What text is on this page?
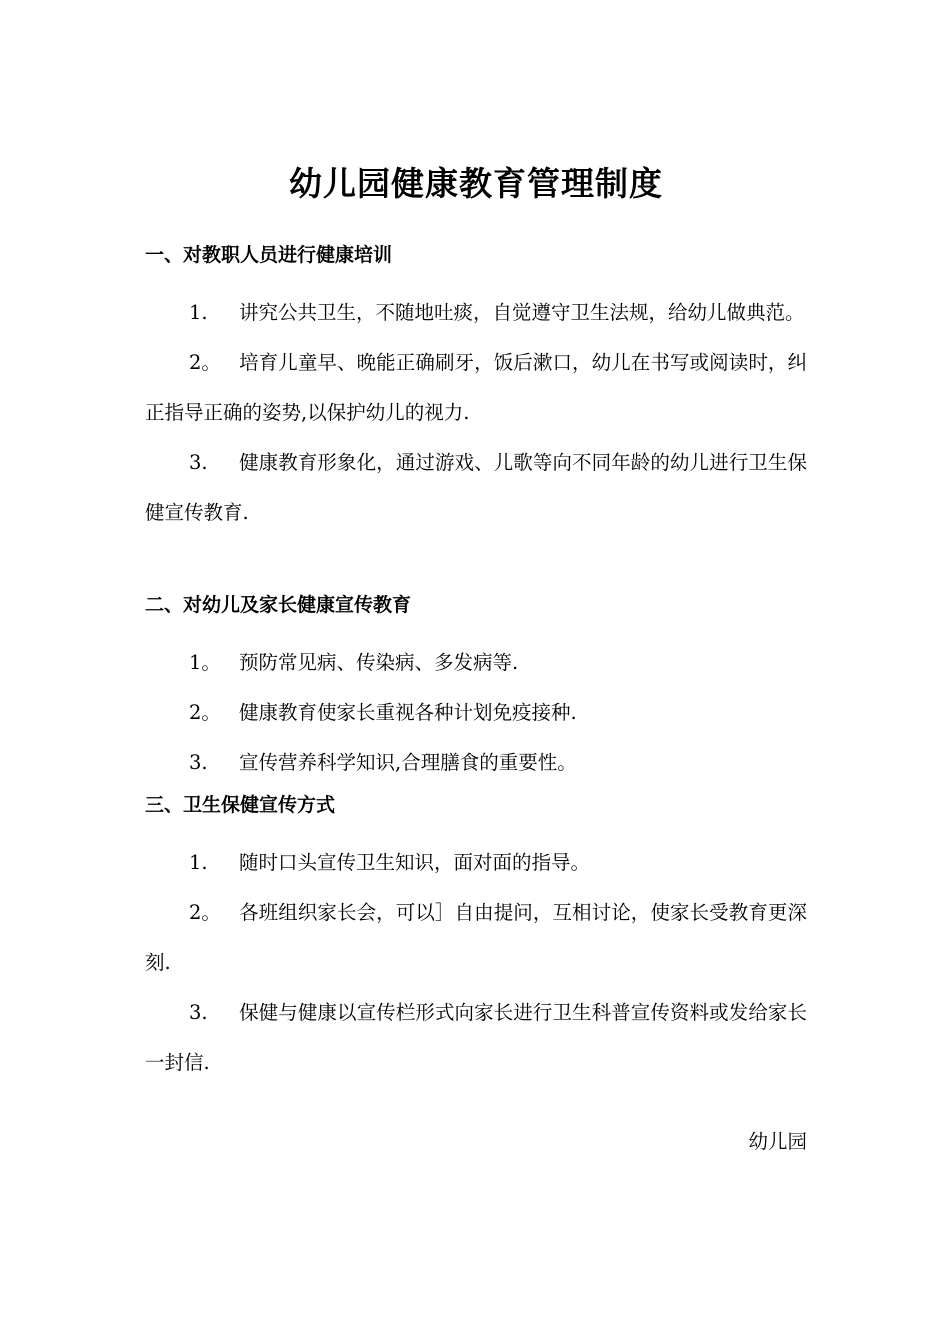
幼儿园健康教育管理制度

一、对教职人员进行健康培训

1. 讲究公共卫生，不随地吐痰，自觉遵守卫生法规，给幼儿做典范。

2。 培育儿童早、晚能正确刷牙，饭后漱口，幼儿在书写或阅读时，纠正指导正确的姿势,以保护幼儿的视力.

3. 健康教育形象化，通过游戏、儿歌等向不同年龄的幼儿进行卫生保健宣传教育.

二、对幼儿及家长健康宣传教育

1。 预防常见病、传染病、多发病等.

2。 健康教育使家长重视各种计划免疫接种.

3. 宣传营养科学知识,合理膳食的重要性。

三、卫生保健宣传方式

1. 随时口头宣传卫生知识，面对面的指导。

2。 各班组织家长会，可以］自由提问，互相讨论，使家长受教育更深刻.

3. 保健与健康以宣传栏形式向家长进行卫生科普宣传资料或发给家长一封信.

幼儿园
